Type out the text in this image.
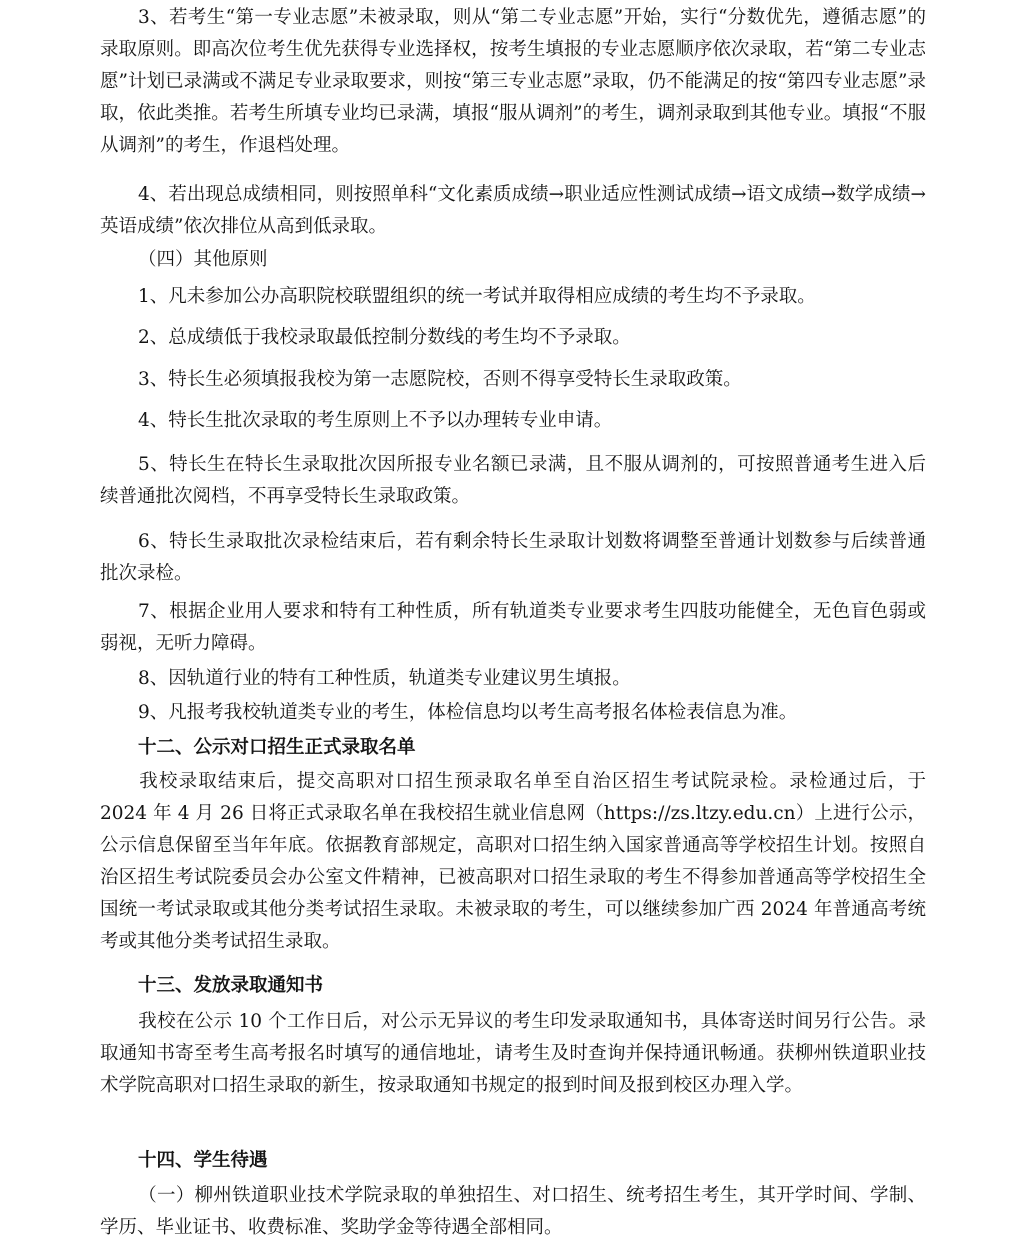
3、若考生“第一专业志愿”未被录取，则从“第二专业志愿”开始，实行“分数优先，遵循志愿”的录取原则。即高次位考生优先获得专业选择权，按考生填报的专业志愿顺序依次录取，若“第二专业志愿”计划已录满或不满足专业录取要求，则按“第三专业志愿”录取，仍不能满足的按“第四专业志愿”录取，依此类推。若考生所填专业均已录满，填报“服从调剂”的考生，调剂录取到其他专业。填报“不服从调剂”的考生，作退档处理。

4、若出现总成绩相同，则按照单科“文化素质成绩→职业适应性测试成绩→语文成绩→数学成绩→英语成绩”依次排位从高到低录取。

（四）其他原则

1、凡未参加公办高职院校联盟组织的统一考试并取得相应成绩的考生均不予录取。

2、总成绩低于我校录取最低控制分数线的考生均不予录取。

3、特长生必须填报我校为第一志愿院校，否则不得享受特长生录取政策。

4、特长生批次录取的考生原则上不予以办理转专业申请。

5、特长生在特长生录取批次因所报专业名额已录满，且不服从调剂的，可按照普通考生进入后续普通批次阅档，不再享受特长生录取政策。

6、特长生录取批次录检结束后，若有剩余特长生录取计划数将调整至普通计划数参与后续普通批次录检。

7、根据企业用人要求和特有工种性质，所有轨道类专业要求考生四肢功能健全，无色盲色弱或弱视，无听力障碍。

8、因轨道行业的特有工种性质，轨道类专业建议男生填报。

9、凡报考我校轨道类专业的考生，体检信息均以考生高考报名体检表信息为准。

十二、公示对口招生正式录取名单

我校录取结束后，提交高职对口招生预录取名单至自治区招生考试院录检。录检通过后，于 2024 年 4 月 26 日将正式录取名单在我校招生就业信息网（https://zs.ltzy.edu.cn）上进行公示，公示信息保留至当年年底。依据教育部规定，高职对口招生纳入国家普通高等学校招生计划。按照自治区招生考试院委员会办公室文件精神，已被高职对口招生录取的考生不得参加普通高等学校招生全国统一考试录取或其他分类考试招生录取。未被录取的考生，可以继续参加广西 2024 年普通高考统考或其他分类考试招生录取。

十三、发放录取通知书

我校在公示 10 个工作日后，对公示无异议的考生印发录取通知书，具体寄送时间另行公告。录取通知书寄至考生高考报名时填写的通信地址，请考生及时查询并保持通讯畅通。获柳州铁道职业技术学院高职对口招生录取的新生，按录取通知书规定的报到时间及报到校区办理入学。

十四、学生待遇

（一）柳州铁道职业技术学院录取的单独招生、对口招生、统考招生考生，其开学时间、学制、学历、毕业证书、收费标准、奖助学金等待遇全部相同。
